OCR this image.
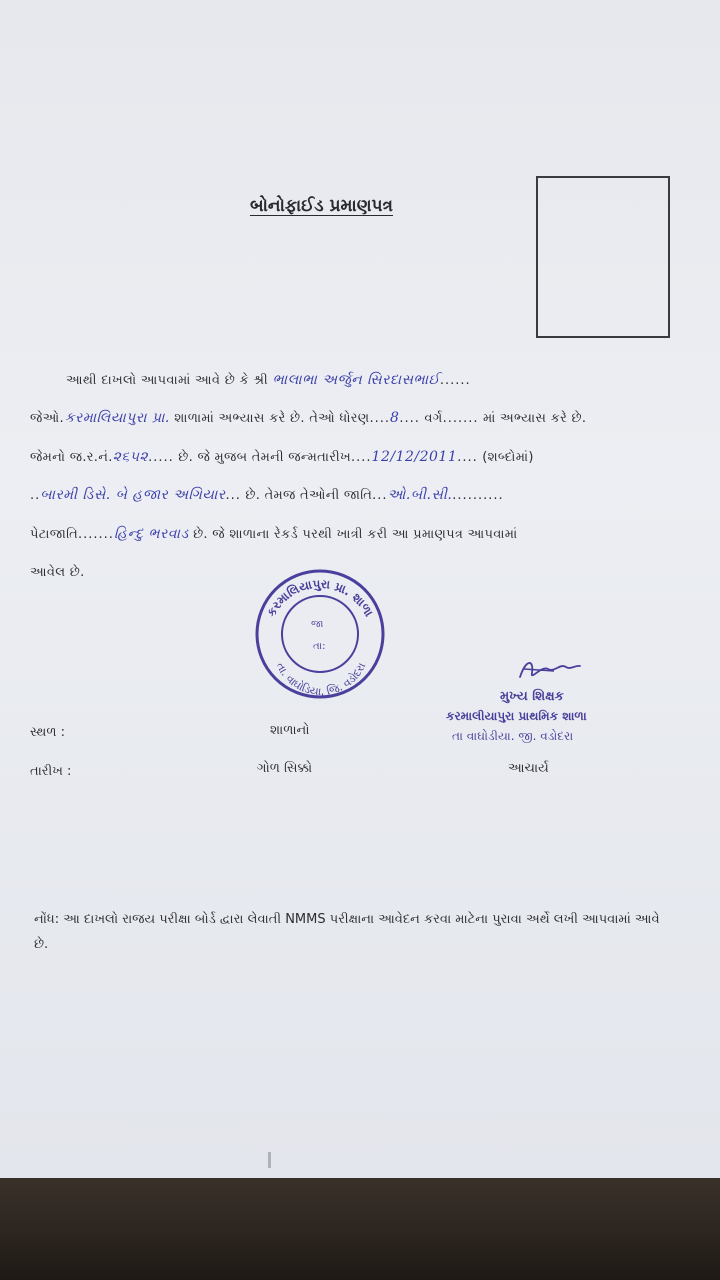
બોનોફાઈડ પ્રમાણપત્ર
આથી દાખલો આપવામાં આવે છે કે શ્રી ભાલાભા અર્જુન સિરદાસભાઈ......
જેઓ.કરમાલિયાપુરા પ્રા. શાળામાં અભ્યાસ કરે છે. તેઓ ધોરણ....8.... વર્ગ....... માં અભ્યાસ કરે છે.
જેમનો જ.ર.નં.૨૬૫૨..... છે. જે મુજબ તેમની જન્મતારીખ....12/12/2011.... (શબ્દોમાં)
..બારમી ડિસે. બે હજાર અગિયાર... છે. તેમજ તેઓની જાતિ...ઓ.બી.સી...........
પેટાજાતિ.......હિન્દુ ભરવાડ છે. જે શાળાના રેકર્ડ પરથી ખાત્રી કરી આ પ્રમાણપત્ર આપવામાં
આવેલ છે.
કરમાલિયાપુરા પ્રા. શાળા
તા. વાઘોડિયા, જિ. વડોદરા
જા
તા:
મુખ્ય શિક્ષક
કરમાલીયાપુરા પ્રાથમિક શાળા
તા વાઘોડીયા. જી. વડોદરા
સ્થળ :	શાળાનો
તારીખ :	ગોળ સિક્કો	આચાર્ય
નોંધ: આ દાખલો રાજય પરીક્ષા બોર્ડ દ્વારા લેવાતી NMMS પરીક્ષાના આવેદન કરવા માટેના પુરાવા અર્થે લખી આપવામાં આવે છે.
